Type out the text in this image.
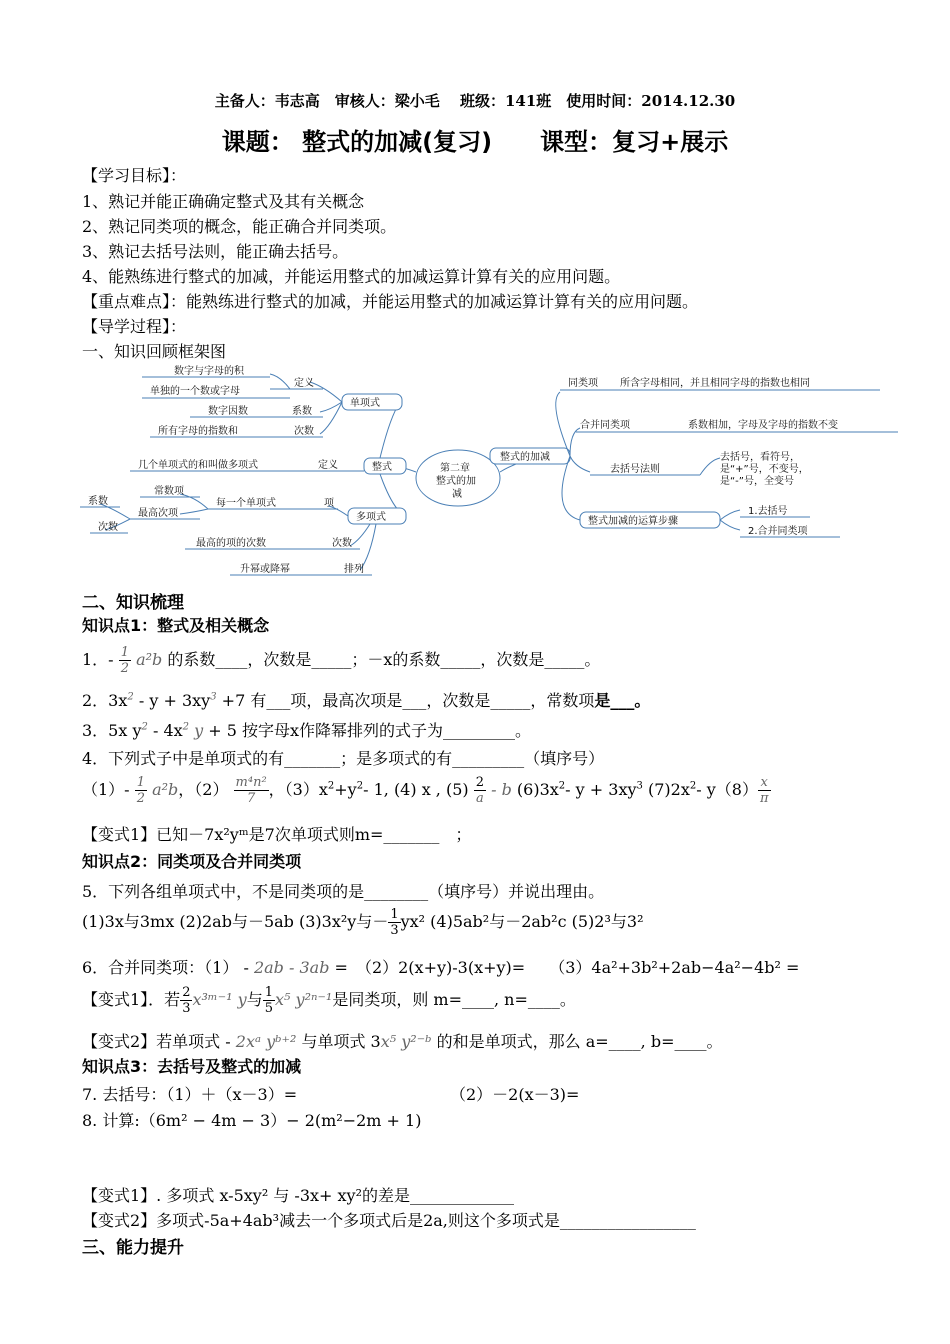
主备人：韦志高　审核人：梁小毛　 班级：141班　使用时间：2014.12.30
课题： 整式的加减(复习)　　课型：复习+展示
【学习目标】：
1、熟记并能正确确定整式及其有关概念
2、熟记同类项的概念，能正确合并同类项。
3、熟记去括号法则，能正确去括号。
4、能熟练进行整式的加减，并能运用整式的加减运算计算有关的应用问题。
【重点难点】：能熟练进行整式的加减，并能运用整式的加减运算计算有关的应用问题。
【导学过程】：
一、知识回顾框架图
第二章
整式的加
减
整式
单项式
多项式
定义
数字与字母的积
单独的一个数或字母
系数
数字因数
次数
所有字母的指数和
定义
几个单项式的和叫做多项式
项
每一个单项式
常数项
最高次项
系数
次数
次数
最高的项的次数
排列
升幂或降幂
整式的加减
同类项 所含字母相同，并且相同字母的指数也相同
合并同类项	系数相加，字母及字母的指数不变
去括号法则
去括号，看符号，
是“+”号，不变号，
是“-”号，全变号
整式加减的运算步骤
1.去括号
2.合并同类项
二、知识梳理
知识点1：整式及相关概念
1．- $\frac{1}{2} a^2b$ 的系数____，次数是_____；－x的系数_____，次数是_____。
2．$3x^2 - y + 3xy^3 +7$ 有___项，最高次项是___，次数是_____，常数项是___。
3．5x $y^2 - 4x^2$ y + 5 按字母x作降幂排列的式子为_________。
4．下列式子中是单项式的有_______；是多项式的有_________（填序号）
$(1)- \frac{1}{2} a^2b$，$(2) \frac{\text{m⁴n²}}{7}$ ，$(3)x^2+y^2-$ 1, (4) x , $(5) \frac{2}{a}$ - b $(6)3x^2-$ $y + 3xy^3$ $(7)2x^2-$ $y(8) \frac{x}{\pi}$
【变式1】已知－7x²yᵐ是7次单项式则m=_______　；
知识点2：同类项及合并同类项
5．下列各组单项式中，不是同类项的是________（填序号）并说出理由。
(1)3x与3mx (2)2ab与－5ab (3)3x²y与－ $\frac{1}{3} yx^2$ (4)5ab²与－2ab²c (5)2³与3²
6．合并同类项：（1） - 2ab - 3ab =　（2）2(x+y)-3(x+y)=　　（3）4a²+3b²+2ab−4a²−4b² =
【变式1】．若 $\frac{2}{3}$ x³ᵐ⁻¹ y与 $\frac{1}{5} x^5$ y²ⁿ⁻¹是同类项，则 m=____, n=____。
【变式2】若单项式 - 2xᵃ yᵇ⁺² 与单项式 3x⁵ y²⁻ᵇ 的和是单项式，那么 a=____, b=____。
知识点3：去括号及整式的加减
7. 去括号：（1）＋（x－3）=	（2）－2(x－3)=
8. 计算:（6m² − 4m − 3）− 2(m²−2m + 1)
【变式1】. 多项式 x-5xy² 与 -3x+ xy²的差是_____________
【变式2】多项式-5a+4ab³减去一个多项式后是2a,则这个多项式是_________________
三、能力提升
